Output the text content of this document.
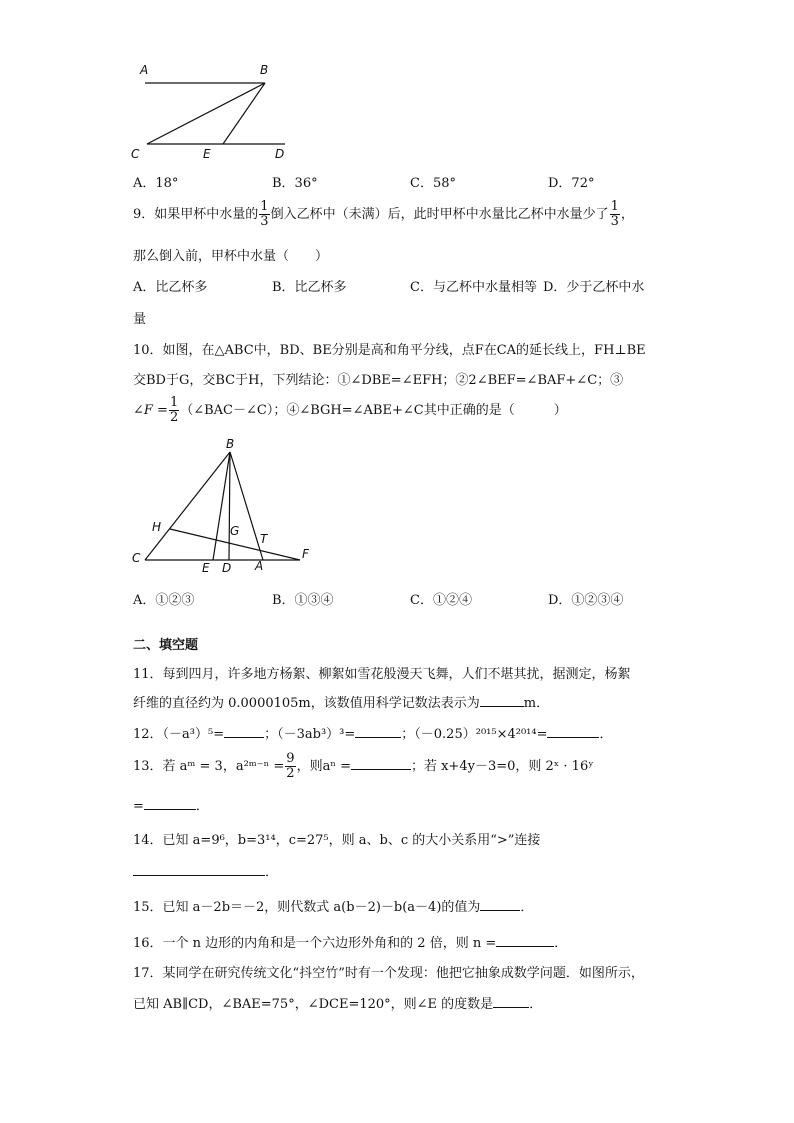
A	B
C	E	D
A．18°	B．36°	C．58°	D．72°
9．如果甲杯中水量的 $\frac{1}{3}$ 倒入乙杯中（未满）后，此时甲杯中水量比乙杯中水量少了 $\frac{1}{3}$ ，
那么倒入前，甲杯中水量（　　）
A．比乙杯多	B．比乙杯多	C．与乙杯中水量相等 D．少于乙杯中水
量
10．如图，在△ABC中，BD、BE分别是高和角平分线，点F在CA的延长线上，FH⊥BE
交BD于G，交BC于H，下列结论：①∠DBE=∠EFH；②2∠BEF=∠BAF+∠C；③
∠F = $\frac{1}{2}$ （∠BAC－∠C）；④∠BGH=∠ABE+∠C其中正确的是（　　　）
B
H	G
T
C	F
E D A
A．①②③	B．①③④	C．①②④	D．①②③④
二、填空题
11．每到四月，许多地方杨絮、柳絮如雪花般漫天飞舞，人们不堪其扰，据测定，杨絮
纤维的直径约为 0.0000105m，该数值用科学记数法表示为	m．
12．（－a³）⁵=	；（－3ab³）³=	；（－0.25）²⁰¹⁵×4²⁰¹⁴=	．
13．若 aᵐ = 3，a²ᵐ⁻ⁿ = $\frac{9}{2}$ ，则aⁿ =	；若 x+4y－3=0，则 2ˣ · 16ʸ
=	．
14．已知 a=9⁶，b=3¹⁴，c=27⁵，则 a、b、c 的大小关系用“>”连接
．
15．已知 a－2b＝－2，则代数式 a(b－2)－b(a－4)的值为	．
16．一个 n 边形的内角和是一个六边形外角和的 2 倍，则 n =	．
17．某同学在研究传统文化“抖空竹”时有一个发现：他把它抽象成数学问题．如图所示，
已知 AB∥CD，∠BAE=75°，∠DCE=120°，则∠E 的度数是	．
